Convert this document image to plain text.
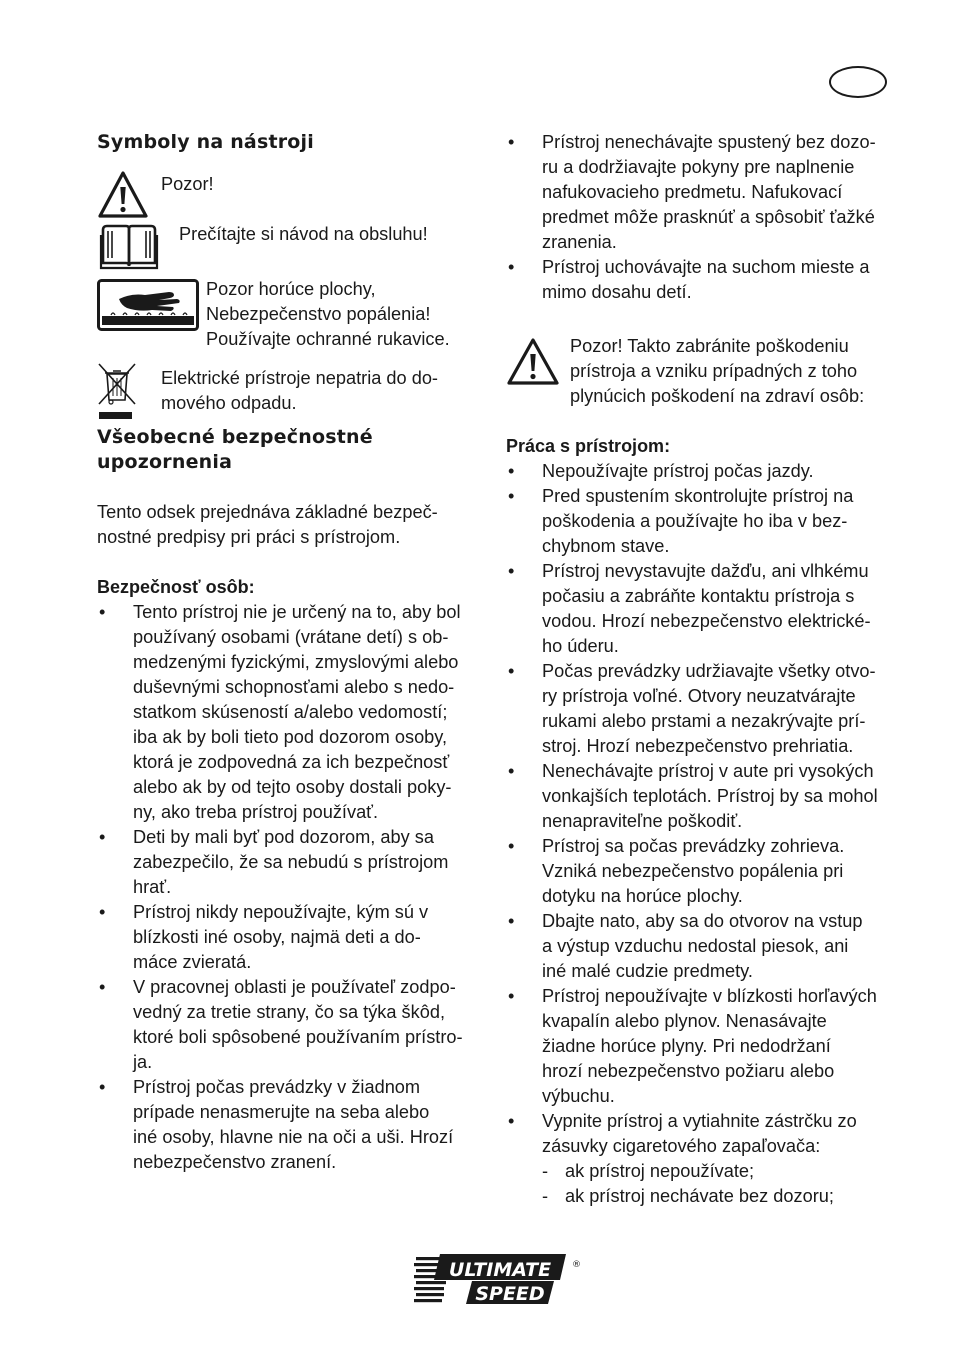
Symboly na nástroji
Pozor!
Prečítajte si návod na obsluhu!

Pozor horúce plochy,

Nebezpečenstvo popálenia!

Používajte ochranné rukavice.

Elektrické prístroje nepatria do do-

mového odpadu.

Všeobecné bezpečnostné
upozornenia

Tento odsek prejednáva základné bezpeč-

nostné predpisy pri práci s prístrojom.

Bezpečnosť osôb:
• Tento prístroj nie je určený na to, aby bol
používaný osobami (vrátane detí) s ob-
medzenými fyzickými, zmyslovými alebo
duševnými schopnosťami alebo s nedo-
statkom skúseností a/alebo vedomostí;
iba ak by boli tieto pod dozorom osoby,
ktorá je zodpovedná za ich bezpečnosť
alebo ak by od tejto osoby dostali poky-
ny, ako treba prístroj používať.
• Deti by mali byť pod dozorom, aby sa
zabezpečilo, že sa nebudú s prístrojom
hrať.
• Prístroj nikdy nepoužívajte, kým sú v
blízkosti iné osoby, najmä deti a do-
máce zvieratá.
• V pracovnej oblasti je používateľ zodpo-
vedný za tretie strany, čo sa týka škôd,
ktoré boli spôsobené používaním prístro-
ja.
• Prístroj počas prevádzky v žiadnom
prípade nenasmerujte na seba alebo
iné osoby, hlavne nie na oči a uši. Hrozí
nebezpečenstvo zranení.
• Prístroj nenechávajte spustený bez dozo-
ru a dodržiavajte pokyny pre naplnenie
nafukovacieho predmetu. Nafukovací
predmet môže prasknúť a spôsobiť ťažké
zranenia.
• Prístroj uchovávajte na suchom mieste a
mimo dosahu detí.

Pozor! Takto zabránite poškodeniu

prístroja a vzniku prípadných z toho

plynúcich poškodení na zdraví osôb:

Práca s prístrojom:
• Nepoužívajte prístroj počas jazdy.
• Pred spustením skontrolujte prístroj na
poškodenia a používajte ho iba v bez-
chybnom stave.
• Prístroj nevystavujte dažďu, ani vlhkému
počasiu a zabráňte kontaktu prístroja s
vodou. Hrozí nebezpečenstvo elektrické-
ho úderu.
• Počas prevádzky udržiavajte všetky otvo-
ry prístroja voľné. Otvory neuzatvárajte
rukami alebo prstami a nezakrývajte prí-
stroj. Hrozí nebezpečenstvo prehriatia.
• Nenechávajte prístroj v aute pri vysokých
vonkajších teplotách. Prístroj by sa mohol
nenapraviteľne poškodiť.
• Prístroj sa počas prevádzky zohrieva.
Vzniká nebezpečenstvo popálenia pri
dotyku na horúce plochy.
• Dbajte nato, aby sa do otvorov na vstup
a výstup vzduchu nedostal piesok, ani
iné malé cudzie predmety.
• Prístroj nepoužívajte v blízkosti horľavých
kvapalín alebo plynov. Nenasávajte
žiadne horúce plyny. Pri nedodržaní
hrozí nebezpečenstvo požiaru alebo
výbuchu.
• Vypnite prístroj a vytiahnite zástrčku zo
zásuvky cigaretového zapaľovača:
- ak prístroj nepoužívate;
- ak prístroj nechávate bez dozoru;
ULTIMATE
SPEED
®
